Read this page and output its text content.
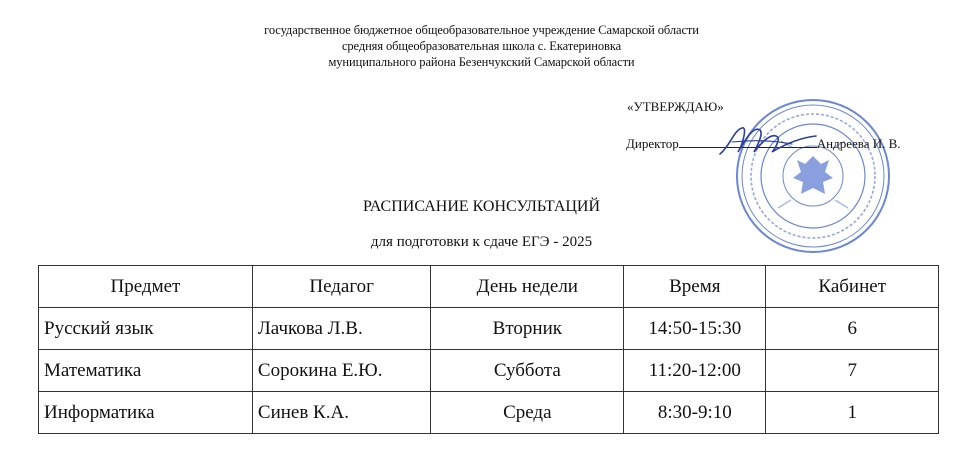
государственное бюджетное общеобразовательное учреждение Самарской области
средняя общеобразовательная школа с. Екатериновка
муниципального района Безенчукский Самарской области
«УТВЕРЖДАЮ»
Директор	Андреева И. В.
РАСПИСАНИЕ КОНСУЛЬТАЦИЙ
для подготовки к сдаче ЕГЭ - 2025
Предмет	Педагог	День недели	Время	Кабинет
Русский язык	Лачкова Л.В.	Вторник	14:50-15:30	6
Математика	Сорокина Е.Ю.	Суббота	11:20-12:00	7
Информатика	Синев К.А.	Среда	8:30-9:10	1
